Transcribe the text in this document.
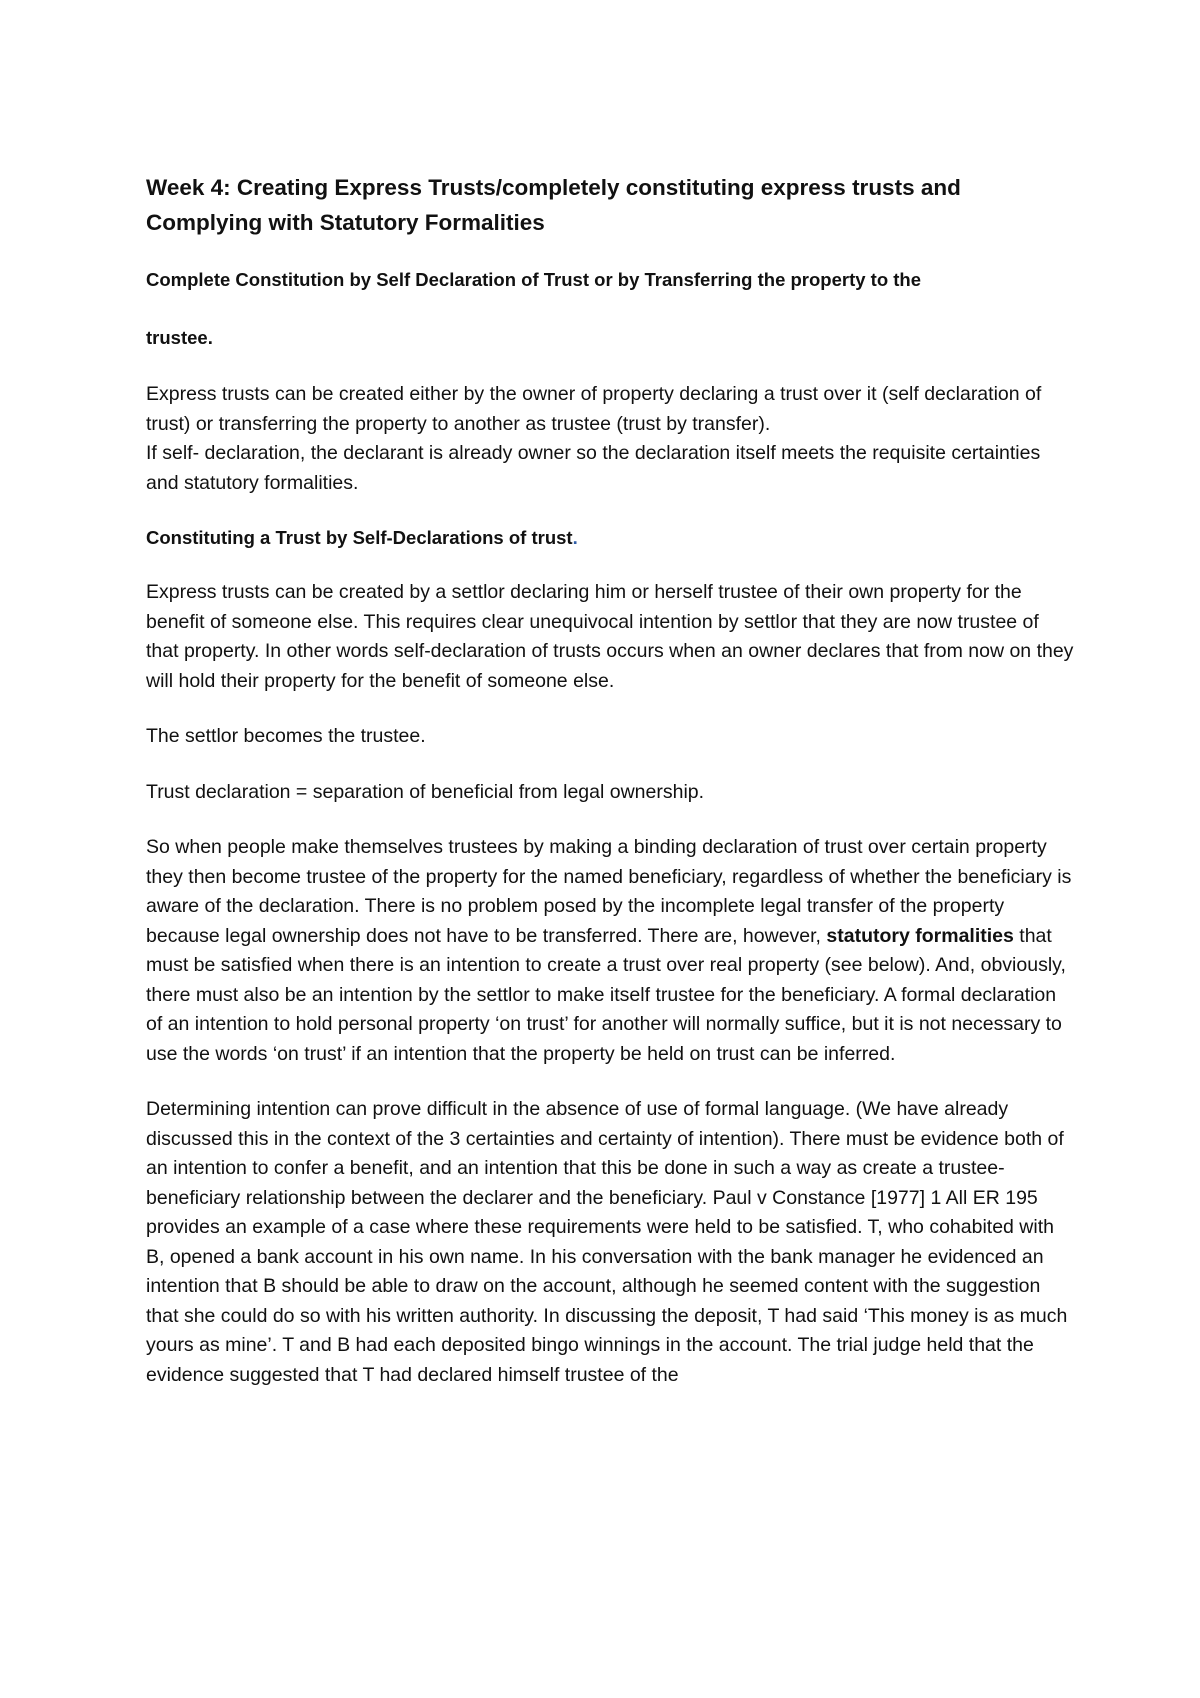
Week 4: Creating Express Trusts/completely constituting express trusts and Complying with Statutory Formalities

Complete Constitution by Self Declaration of Trust or by Transferring the property to the

trustee.

Express trusts can be created either by the owner of property declaring a trust over it (self declaration of trust) or transferring the property to another as trustee (trust by transfer).

If self- declaration, the declarant is already owner so the declaration itself meets the requisite certainties and statutory formalities.

Constituting a Trust by Self-Declarations of trust.

Express trusts can be created by a settlor declaring him or herself trustee of their own property for the benefit of someone else. This requires clear unequivocal intention by settlor that they are now trustee of that property. In other words self-declaration of trusts occurs when an owner declares that from now on they will hold their property for the benefit of someone else.

The settlor becomes the trustee.

Trust declaration = separation of beneficial from legal ownership.

So when people make themselves trustees by making a binding declaration of trust over certain property they then become trustee of the property for the named beneficiary, regardless of whether the beneficiary is aware of the declaration. There is no problem posed by the incomplete legal transfer of the property because legal ownership does not have to be transferred. There are, however, statutory formalities that must be satisfied when there is an intention to create a trust over real property (see below). And, obviously, there must also be an intention by the settlor to make itself trustee for the beneficiary. A formal declaration of an intention to hold personal property ‘on trust’ for another will normally suffice, but it is not necessary to use the words ‘on trust’ if an intention that the property be held on trust can be inferred.

Determining intention can prove difficult in the absence of use of formal language. (We have already discussed this in the context of the 3 certainties and certainty of intention). There must be evidence both of an intention to confer a benefit, and an intention that this be done in such a way as create a trustee-beneficiary relationship between the declarer and the beneficiary. Paul v Constance [1977] 1 All ER 195 provides an example of a case where these requirements were held to be satisfied. T, who cohabited with B, opened a bank account in his own name. In his conversation with the bank manager he evidenced an intention that B should be able to draw on the account, although he seemed content with the suggestion that she could do so with his written authority. In discussing the deposit, T had said ‘This money is as much yours as mine’. T and B had each deposited bingo winnings in the account. The trial judge held that the evidence suggested that T had declared himself trustee of the
